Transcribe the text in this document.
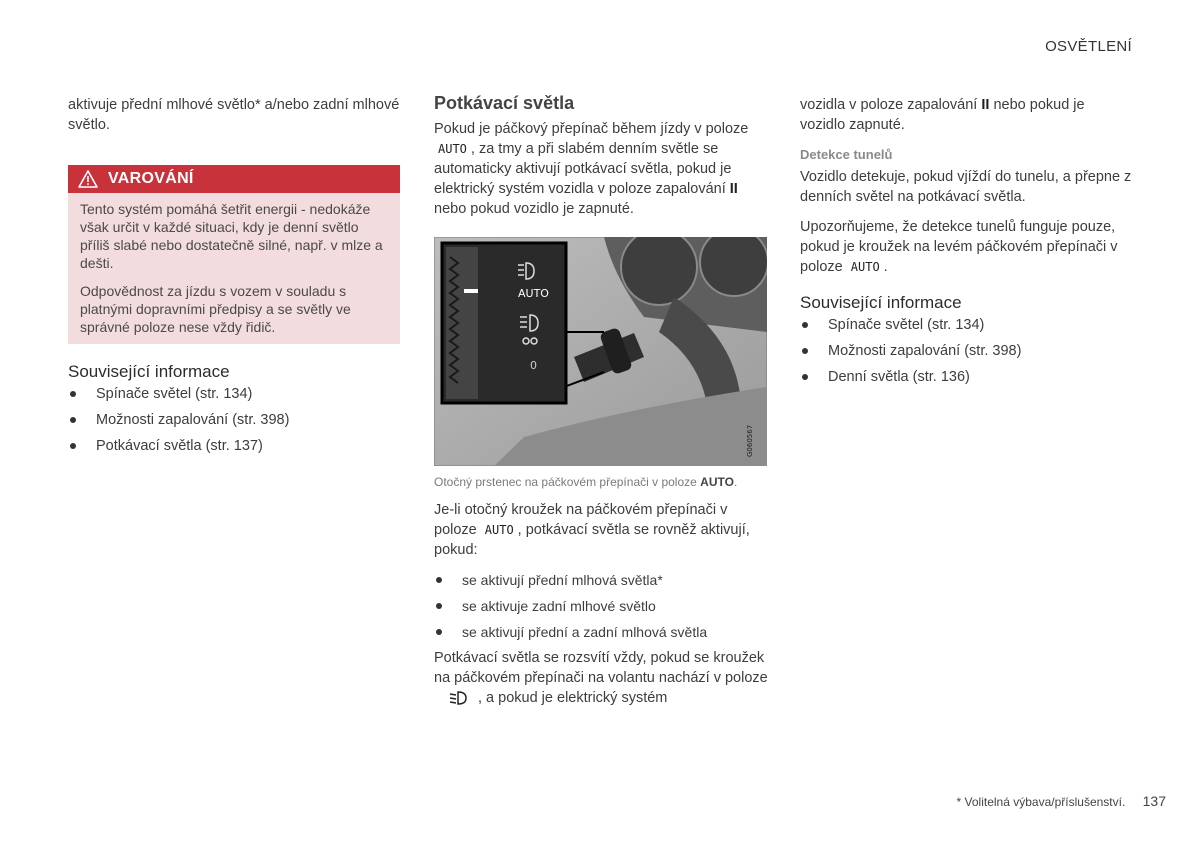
OSVĚTLENÍ

aktivuje přední mlhové světlo* a/nebo zadní mlhové světlo.

VAROVÁNÍ

Tento systém pomáhá šetřit energii - nedokáže však určit v každé situaci, kdy je denní světlo příliš slabé nebo dostatečně silné, např. v mlze a dešti.

Odpovědnost za jízdu s vozem v souladu s platnými dopravními předpisy a se světly ve správné poloze nese vždy řidič.

Související informace
Spínače světel (str. 134)
Možnosti zapalování (str. 398)
Potkávací světla (str. 137)
Potkávací světla

Pokud je páčkový přepínač během jízdy v poloze
AUTO , za tmy a při slabém denním světle se automaticky aktivují potkávací světla, pokud je elektrický systém vozidla v poloze zapalování II nebo pokud vozidlo je zapnuté.

AUTO
0
G060567
Otočný prstenec na páčkovém přepínači v poloze AUTO.

Je-li otočný kroužek na páčkovém přepínači v poloze AUTO , potkávací světla se rovněž aktivují, pokud:

se aktivují přední mlhová světla*
se aktivuje zadní mlhové světlo
se aktivují přední a zadní mlhová světla

Potkávací světla se rozsvítí vždy, pokud se kroužek na páčkovém přepínači na volantu nachází v poloze , a pokud je elektrický systém

vozidla v poloze zapalování II nebo pokud je vozidlo zapnuté.

Detekce tunelů

Vozidlo detekuje, pokud vjíždí do tunelu, a přepne z denních světel na potkávací světla.

Upozorňujeme, že detekce tunelů funguje pouze, pokud je kroužek na levém páčkovém přepínači v poloze AUTO .

Související informace
Spínače světel (str. 134)
Možnosti zapalování (str. 398)
Denní světla (str. 136)
* Volitelná výbava/příslušenství. 137
